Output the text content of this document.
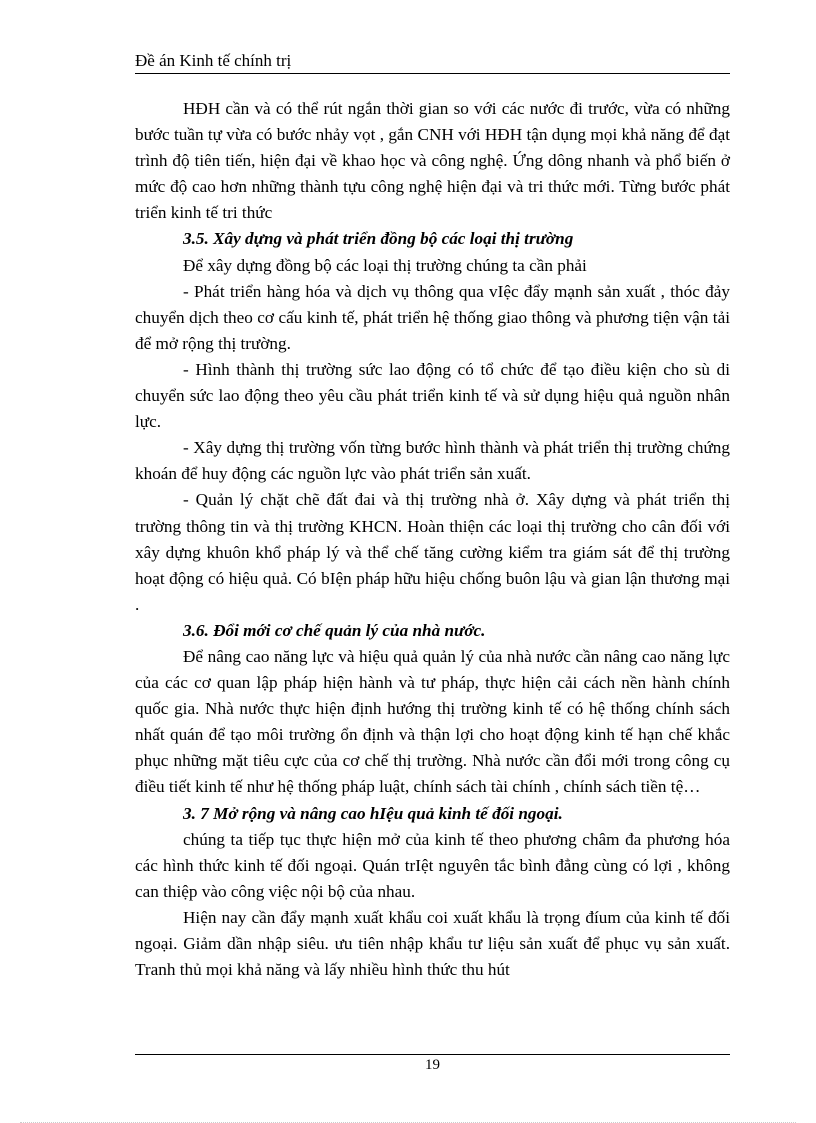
Đề án Kinh tế chính trị

HĐH cần và có thể rút ngắn thời gian so với các nước đi trước, vừa có những bước tuần tự vừa có bước nhảy vọt , gắn CNH với HĐH tận dụng mọi khả năng để đạt trình độ tiên tiến, hiện đại về khao học và công nghệ. Ứng dông nhanh và phổ biến ở mức độ cao hơn những thành tựu công nghệ hiện đại và tri thức mới. Từng bước phát triển kinh tế tri thức

3.5. Xây dựng và phát triển đồng bộ các loại thị trường

Để xây dựng đồng bộ các loại thị trường chúng ta cần phải

- Phát triển hàng hóa và dịch vụ thông qua vIệc đẩy mạnh sản xuất , thóc đảy chuyển dịch theo cơ cấu kinh tế, phát triển hệ thống giao thông và phương tiện vận tải để mở rộng thị trường.

- Hình thành thị trường sức lao động có tổ chức để tạo điều kiện cho sù di chuyển sức lao động theo yêu cầu phát triển kinh tế và sử dụng hiệu quả nguồn nhân lực.

- Xây dựng thị trường vốn từng bước hình thành và phát triển thị trường chứng khoán để huy động các nguồn lực vào phát triển sản xuất.

- Quản lý chặt chẽ đất đai và thị trường nhà ở. Xây dựng và phát triển thị trường thông tin và thị trường KHCN. Hoàn thiện các loại thị trường cho cân đối với xây dựng khuôn khổ pháp lý và thể chế tăng cường kiểm tra giám sát để thị trường hoạt động có hiệu quả. Có bIện pháp hữu hiệu chống buôn lậu và gian lận thương mại .

3.6. Đổi mới cơ chế quản lý của nhà nước.

Để nâng cao năng lực và hiệu quả quản lý của nhà nước cần nâng cao năng lực của các cơ quan lập pháp hiện hành và tư pháp, thực hiện cải cách nền hành chính quốc gia. Nhà nước thực hiện định hướng thị trường kinh tế có hệ thống chính sách nhất quán để tạo môi trường ổn định và thận lợi cho hoạt động kinh tế hạn chế khắc phục những mặt tiêu cực của cơ chế thị trường. Nhà nước cần đổi mới trong công cụ điều tiết kinh tế như hệ thống pháp luật, chính sách tài chính , chính sách tiền tệ…

3. 7 Mở rộng và nâng cao hIệu quả kinh tế đối ngoại.

chúng ta tiếp tục thực hiện mở của kinh tế theo phương châm đa phương hóa các hình thức kinh tế đối ngoại. Quán trIệt nguyên tắc bình đẳng cùng có lợi , không can thiệp vào công việc nội bộ của nhau.

Hiện nay cần đẩy mạnh xuất khẩu coi xuất khẩu là trọng đíum của kinh tế đối ngoại. Giảm dần nhập siêu. ưu tiên nhập khẩu tư liệu sản xuất để phục vụ sản xuất. Tranh thủ mọi khả năng và lấy nhiều hình thức thu hút

19
